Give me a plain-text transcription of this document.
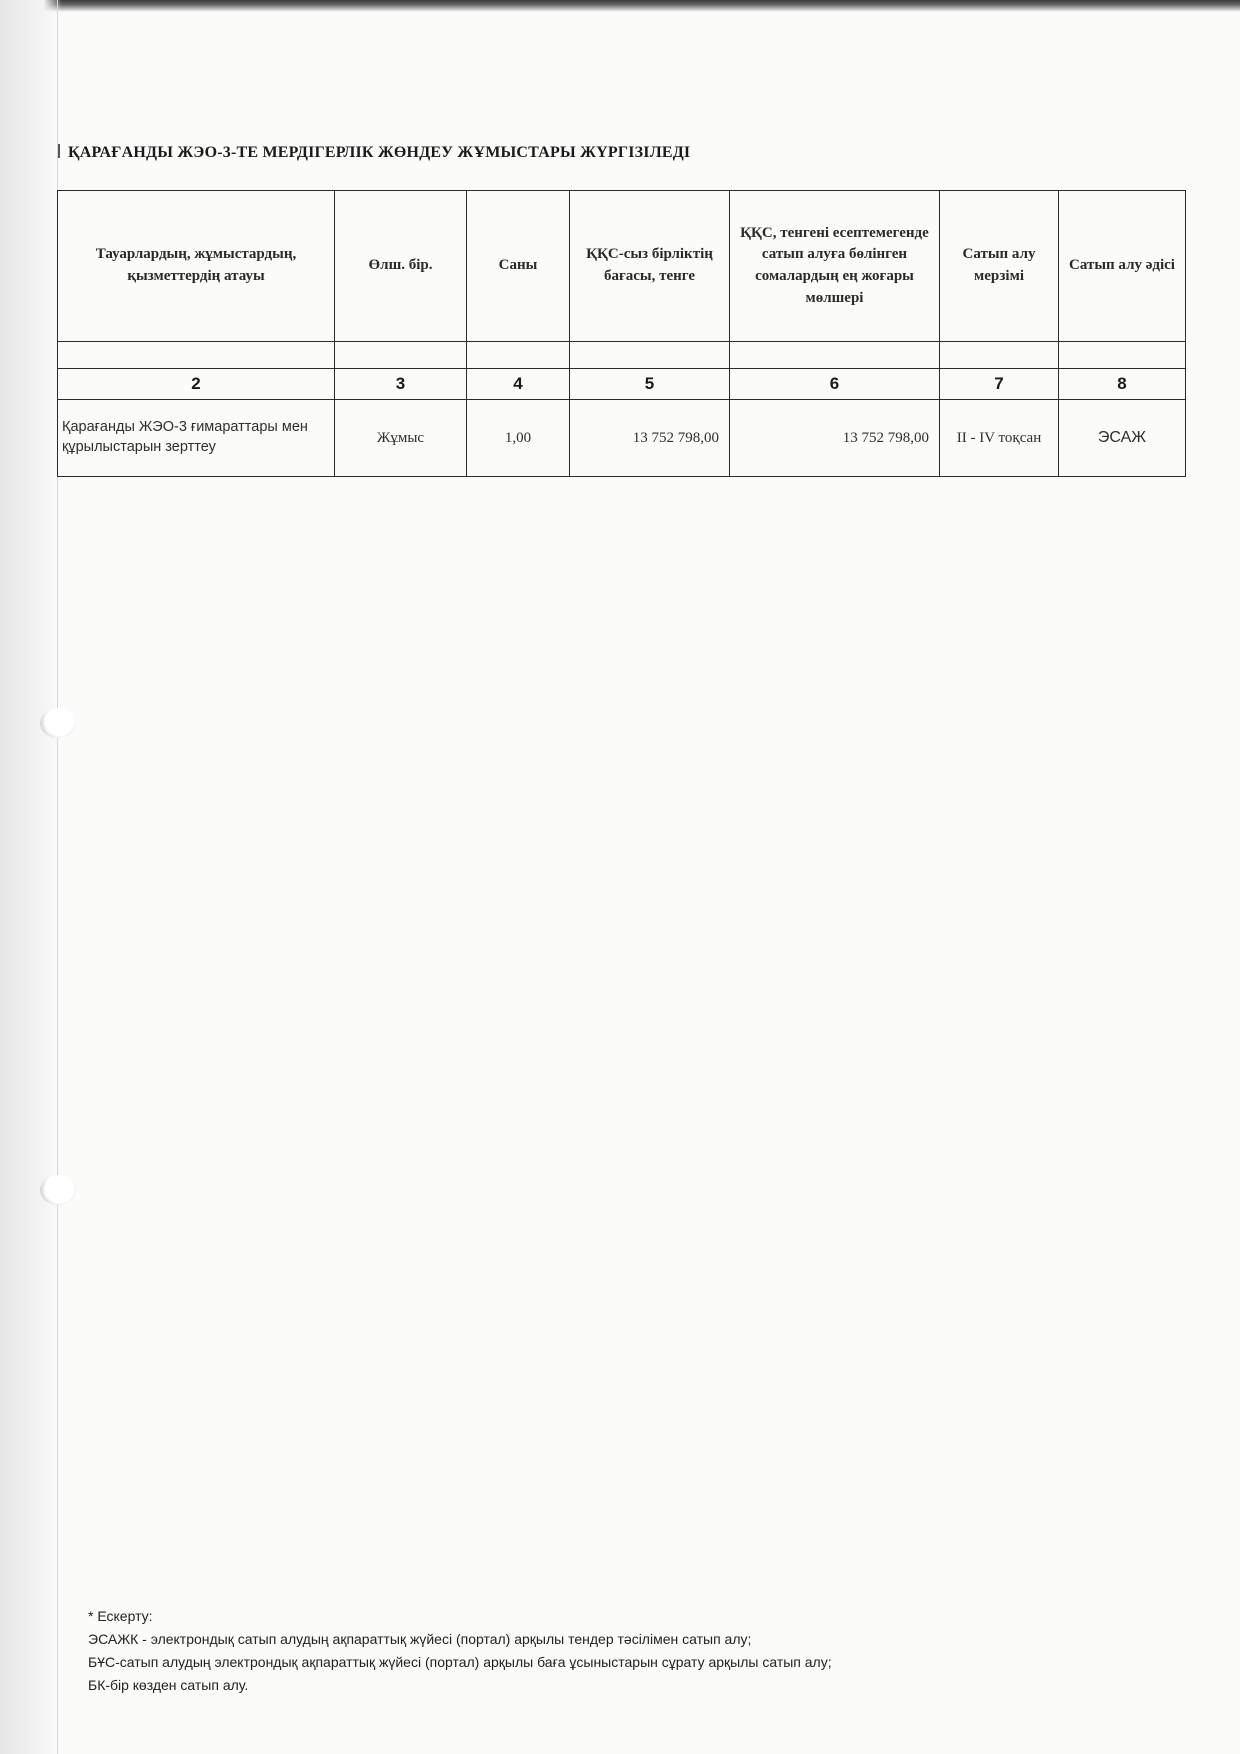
ҚАРАҒАНДЫ ЖЭО-3-ТЕ МЕРДІГЕРЛІК ЖӨНДЕУ ЖҰМЫСТАРЫ ЖҮРГІЗІЛЕДІ
Тауарлардың, жұмыстардың, қызметтердің атауы	Өлш. бір.	Саны	ҚҚС-сыз бірліктің бағасы, тенге	ҚҚС, тенгені есептемегенде сатып алуға бөлінген сомалардың ең жоғары мөлшері	Сатып алу мерзімі	Сатып алу әдісі

2	3	4	5	6	7	8
Қарағанды ЖЭО-3 ғимараттары мен құрылыстарын зерттеу	Жұмыс	1,00	13 752 798,00	13 752 798,00	II - IV тоқсан	ЭСАЖ
* Ескерту:
ЭСАЖК - электрондық сатып алудың ақпараттық жүйесі (портал) арқылы тендер тәсілімен сатып алу;
БҰС-сатып алудың электрондық ақпараттық жүйесі (портал) арқылы баға ұсыныстарын сұрату арқылы сатып алу;
БК-бір көзден сатып алу.
